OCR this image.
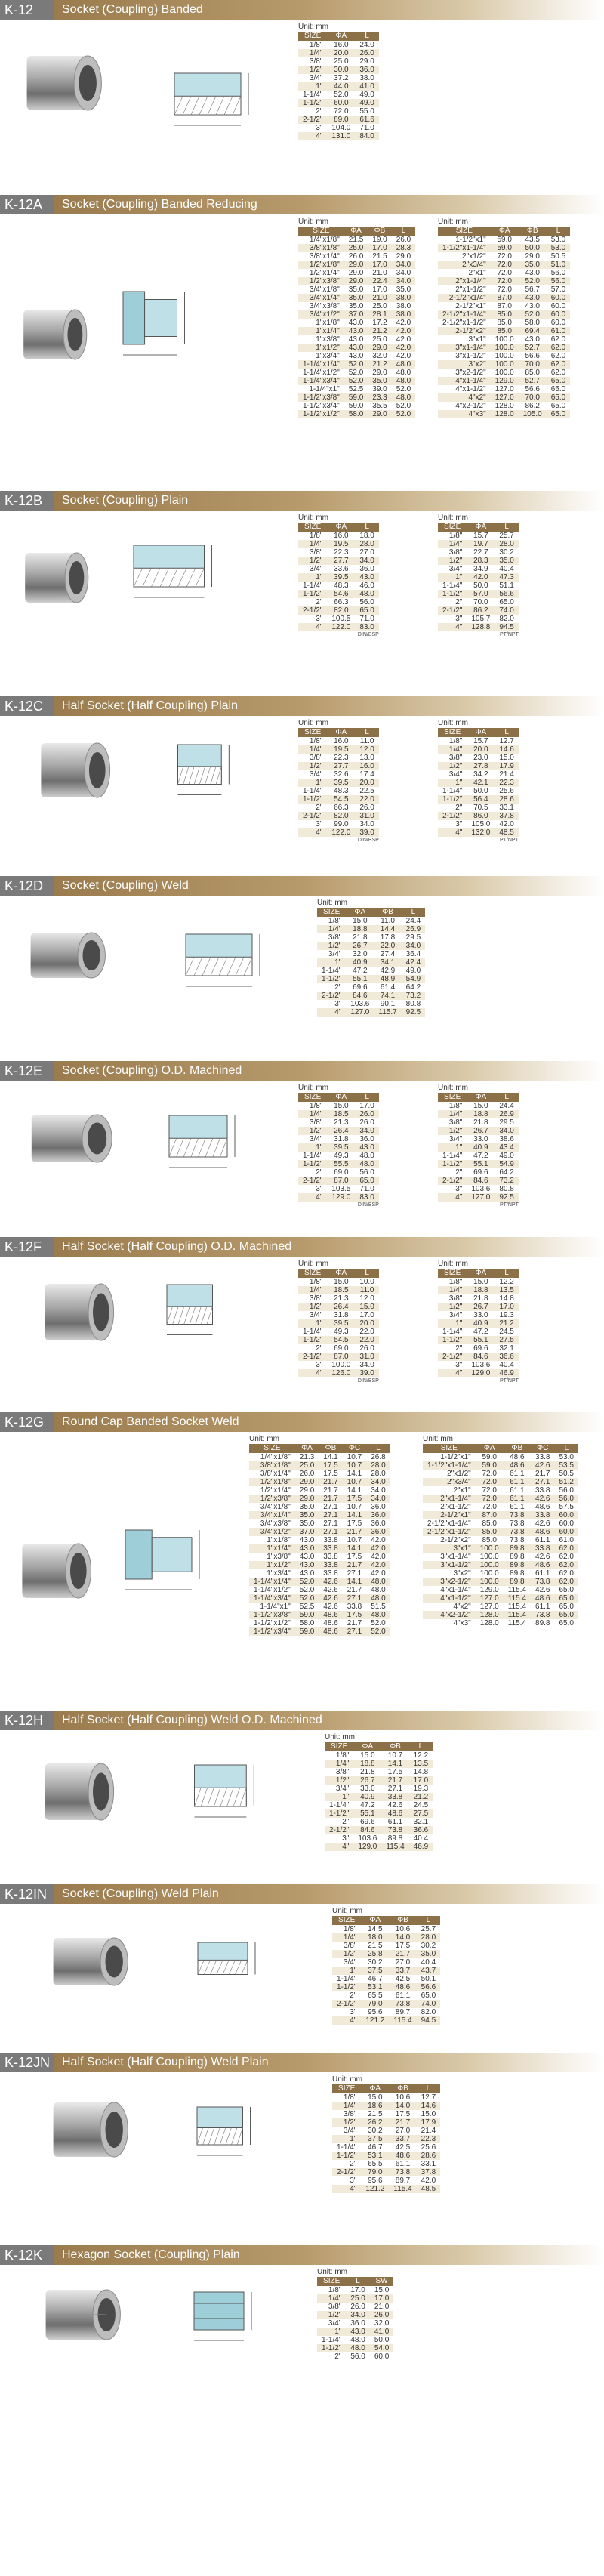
K-12	Socket (Coupling) Banded
Unit: mm
SIZE	ΦA	L
1/8"	16.0	24.0
1/4"	20.0	26.0
3/8"	25.0	29.0
1/2"	30.0	36.0
3/4"	37.2	38.0
1"	44.0	41.0
1-1/4"	52.0	49.0
1-1/2"	60.0	49.0
2"	72.0	55.0
2-1/2"	89.0	61.6
3"	104.0	71.0
4"	131.0	84.0
K-12A	Socket (Coupling) Banded Reducing
Unit: mm
SIZE	ΦA	ΦB	L
1/4"x1/8"	21.5	19.0	26.0
3/8"x1/8"	25.0	17.0	28.3
3/8"x1/4"	26.0	21.5	29.0
1/2"x1/8"	29.0	17.0	34.0
1/2"x1/4"	29.0	21.0	34.0
1/2"x3/8"	29.0	22.4	34.0
3/4"x1/8"	35.0	17.0	35.0
3/4"x1/4"	35.0	21.0	38.0
3/4"x3/8"	35.0	25.0	38.0
3/4"x1/2"	37.0	28.1	38.0
1"x1/8"	43.0	17.2	42.0
1"x1/4"	43.0	21.2	42.0
1"x3/8"	43.0	25.0	42.0
1"x1/2"	43.0	29.0	42.0
1"x3/4"	43.0	32.0	42.0
1-1/4"x1/4"	52.0	21.2	48.0
1-1/4"x1/2"	52.0	29.0	48.0
1-1/4"x3/4"	52.0	35.0	48.0
1-1/4"x1"	52.5	39.0	52.0
1-1/2"x3/8"	59.0	23.3	48.0
1-1/2"x3/4"	59.0	35.5	52.0
1-1/2"x1/2"	58.0	29.0	52.0
Unit: mm
SIZE	ΦA	ΦB	L
1-1/2"x1"	59.0	43.5	53.0
1-1/2"x1-1/4"	59.0	50.0	53.0
2"x1/2"	72.0	29.0	50.5
2"x3/4"	72.0	35.0	51.0
2"x1"	72.0	43.0	56.0
2"x1-1/4"	72.0	52.0	56.0
2"x1-1/2"	72.0	56.7	57.0
2-1/2"x1/4"	87.0	43.0	60.0
2-1/2"x1"	87.0	43.0	60.0
2-1/2"x1-1/4"	85.0	52.0	60.0
2-1/2"x1-1/2"	85.0	58.0	60.0
2-1/2"x2"	85.0	69.4	61.0
3"x1"	100.0	43.0	62.0
3"x1-1/4"	100.0	52.7	62.0
3"x1-1/2"	100.0	56.6	62.0
3"x2"	100.0	70.0	62.0
3"x2-1/2"	100.0	85.0	62.0
4"x1-1/4"	129.0	52.7	65.0
4"x1-1/2"	127.0	56.6	65.0
4"x2"	127.0	70.0	65.0
4"x2-1/2"	128.0	86.2	65.0
4"x3"	128.0	105.0	65.0
K-12B	Socket (Coupling) Plain
Unit: mm
SIZE	ΦA	L
1/8"	16.0	18.0
1/4"	19.5	28.0
3/8"	22.3	27.0
1/2"	27.7	34.0
3/4"	33.6	36.0
1"	39.5	43.0
1-1/4"	48.3	46.0
1-1/2"	54.6	48.0
2"	66.3	56.0
2-1/2"	82.0	65.0
3"	100.5	71.0
4"	122.0	83.0
DIN/BSP
Unit: mm
SIZE	ΦA	L
1/8"	15.7	25.7
1/4"	19.7	28.0
3/8"	22.7	30.2
1/2"	28.3	35.0
3/4"	34.9	40.4
1"	42.0	47.3
1-1/4"	50.0	51.1
1-1/2"	57.0	56.6
2"	70.0	65.0
2-1/2"	86.2	74.0
3"	105.7	82.0
4"	128.8	94.5
PT/NPT
K-12C	Half Socket (Half Coupling) Plain
Unit: mm
SIZE	ΦA	L
1/8"	16.0	11.0
1/4"	19.5	12.0
3/8"	22.3	13.0
1/2"	27.7	16.0
3/4"	32.6	17.4
1"	39.5	20.0
1-1/4"	48.3	22.5
1-1/2"	54.5	22.0
2"	66.3	26.0
2-1/2"	82.0	31.0
3"	99.0	34.0
4"	122.0	39.0
DIN/BSP
Unit: mm
SIZE	ΦA	L
1/8"	15.7	12.7
1/4"	20.0	14.6
3/8"	23.0	15.0
1/2"	27.8	17.9
3/4"	34.2	21.4
1"	42.1	22.3
1-1/4"	50.0	25.6
1-1/2"	56.4	28.6
2"	70.5	33.1
2-1/2"	86.0	37.8
3"	105.0	42.0
4"	132.0	48.5
PT/NPT
K-12D	Socket (Coupling) Weld
Unit: mm
SIZE	ΦA	ΦB	L
1/8"	15.0	11.0	24.4
1/4"	18.8	14.4	26.9
3/8"	21.8	17.8	29.5
1/2"	26.7	22.0	34.0
3/4"	32.0	27.4	36.4
1"	40.9	34.1	42.4
1-1/4"	47.2	42.9	49.0
1-1/2"	55.1	48.9	54.9
2"	69.6	61.4	64.2
2-1/2"	84.6	74.1	73.2
3"	103.6	90.1	80.8
4"	127.0	115.7	92.5
K-12E	Socket (Coupling) O.D. Machined
Unit: mm
SIZE	ΦA	L
1/8"	15.0	17.0
1/4"	18.5	26.0
3/8"	21.3	26.0
1/2"	26.4	34.0
3/4"	31.8	36.0
1"	39.5	43.0
1-1/4"	49.3	48.0
1-1/2"	55.5	48.0
2"	69.0	56.0
2-1/2"	87.0	65.0
3"	103.5	71.0
4"	129.0	83.0
DIN/BSP
Unit: mm
SIZE	ΦA	L
1/8"	15.0	24.4
1/4"	18.8	26.9
3/8"	21.8	29.5
1/2"	26.7	34.0
3/4"	33.0	38.6
1"	40.9	43.4
1-1/4"	47.2	49.0
1-1/2"	55.1	54.9
2"	69.6	64.2
2-1/2"	84.6	73.2
3"	103.6	80.8
4"	127.0	92.5
PT/NPT
K-12F	Half Socket (Half Coupling) O.D. Machined
Unit: mm
SIZE	ΦA	L
1/8"	15.0	10.0
1/4"	18.5	11.0
3/8"	21.3	12.0
1/2"	26.4	15.0
3/4"	31.8	17.0
1"	39.5	20.0
1-1/4"	49.3	22.0
1-1/2"	54.5	22.0
2"	69.0	26.0
2-1/2"	87.0	31.0
3"	100.0	34.0
4"	126.0	39.0
DIN/BSP
Unit: mm
SIZE	ΦA	L
1/8"	15.0	12.2
1/4"	18.8	13.5
3/8"	21.8	14.8
1/2"	26.7	17.0
3/4"	33.0	19.3
1"	40.9	21.2
1-1/4"	47.2	24.5
1-1/2"	55.1	27.5
2"	69.6	32.1
2-1/2"	84.6	36.6
3"	103.6	40.4
4"	129.0	46.9
PT/NPT
K-12G	Round Cap Banded Socket Weld
Unit: mm
SIZE	ΦA	ΦB	ΦC	L
1/4"x1/8"	21.3	14.1	10.7	26.8
3/8"x1/8"	25.0	17.5	10.7	28.0
3/8"x1/4"	26.0	17.5	14.1	28.0
1/2"x1/8"	29.0	21.7	10.7	34.0
1/2"x1/4"	29.0	21.7	14.1	34.0
1/2"x3/8"	29.0	21.7	17.5	34.0
3/4"x1/8"	35.0	27.1	10.7	36.0
3/4"x1/4"	35.0	27.1	14.1	36.0
3/4"x3/8"	35.0	27.1	17.5	36.0
3/4"x1/2"	37.0	27.1	21.7	36.0
1"x1/8"	43.0	33.8	10.7	42.0
1"x1/4"	43.0	33.8	14.1	42.0
1"x3/8"	43.0	33.8	17.5	42.0
1"x1/2"	43.0	33.8	21.7	42.0
1"x3/4"	43.0	33.8	27.1	42.0
1-1/4"x1/4"	52.0	42.6	14.1	48.0
1-1/4"x1/2"	52.0	42.6	21.7	48.0
1-1/4"x3/4"	52.0	42.6	27.1	48.0
1-1/4"x1"	52.5	42.6	33.8	51.5
1-1/2"x3/8"	59.0	48.6	17.5	48.0
1-1/2"x1/2"	58.0	48.6	21.7	52.0
1-1/2"x3/4"	59.0	48.6	27.1	52.0
Unit: mm
SIZE	ΦA	ΦB	ΦC	L
1-1/2"x1"	59.0	48.6	33.8	53.0
1-1/2"x1-1/4"	59.0	48.6	42.6	53.5
2"x1/2"	72.0	61.1	21.7	50.5
2"x3/4"	72.0	61.1	27.1	51.2
2"x1"	72.0	61.1	33.8	56.0
2"x1-1/4"	72.0	61.1	42.6	56.0
2"x1-1/2"	72.0	61.1	48.6	57.5
2-1/2"x1"	87.0	73.8	33.8	60.0
2-1/2"x1-1/4"	85.0	73.8	42.6	60.0
2-1/2"x1-1/2"	85.0	73.8	48.6	60.0
2-1/2"x2"	85.0	73.8	61.1	61.0
3"x1"	100.0	89.8	33.8	62.0
3"x1-1/4"	100.0	89.8	42.6	62.0
3"x1-1/2"	100.0	89.8	48.6	62.0
3"x2"	100.0	89.8	61.1	62.0
3"x2-1/2"	100.0	89.8	73.8	62.0
4"x1-1/4"	129.0	115.4	42.6	65.0
4"x1-1/2"	127.0	115.4	48.6	65.0
4"x2"	127.0	115.4	61.1	65.0
4"x2-1/2"	128.0	115.4	73.8	65.0
4"x3"	128.0	115.4	89.8	65.0
K-12H	Half Socket (Half Coupling) Weld O.D. Machined
Unit: mm
SIZE	ΦA	ΦB	L
1/8"	15.0	10.7	12.2
1/4"	18.8	14.1	13.5
3/8"	21.8	17.5	14.8
1/2"	26.7	21.7	17.0
3/4"	33.0	27.1	19.3
1"	40.9	33.8	21.2
1-1/4"	47.2	42.6	24.5
1-1/2"	55.1	48.6	27.5
2"	69.6	61.1	32.1
2-1/2"	84.6	73.8	36.6
3"	103.6	89.8	40.4
4"	129.0	115.4	46.9
K-12IN	Socket (Coupling) Weld Plain
Unit: mm
SIZE	ΦA	ΦB	L
1/8"	14.5	10.6	25.7
1/4"	18.0	14.0	28.0
3/8"	21.5	17.5	30.2
1/2"	25.8	21.7	35.0
3/4"	30.2	27.0	40.4
1"	37.5	33.7	43.7
1-1/4"	46.7	42.5	50.1
1-1/2"	53.1	48.6	56.6
2"	65.5	61.1	65.0
2-1/2"	79.0	73.8	74.0
3"	95.6	89.7	82.0
4"	121.2	115.4	94.5
K-12JN Half Socket (Half Coupling) Weld Plain
Unit: mm
SIZE	ΦA	ΦB	L
1/8"	15.0	10.6	12.7
1/4"	18.6	14.0	14.6
3/8"	21.5	17.5	15.0
1/2"	26.2	21.7	17.9
3/4"	30.2	27.0	21.4
1"	37.5	33.7	22.3
1-1/4"	46.7	42.5	25.6
1-1/2"	53.1	48.6	28.6
2"	65.5	61.1	33.1
2-1/2"	79.0	73.8	37.8
3"	95.6	89.7	42.0
4"	121.2	115.4	48.5
K-12K	Hexagon Socket (Coupling) Plain
Unit: mm
SIZE	L	SW
1/8"	17.0	15.0
1/4"	25.0	17.0
3/8"	26.0	21.0
1/2"	34.0	26.0
3/4"	36.0	32.0
1"	43.0	41.0
1-1/4"	48.0	50.0
1-1/2"	48.0	54.0
2"	56.0	60.0
